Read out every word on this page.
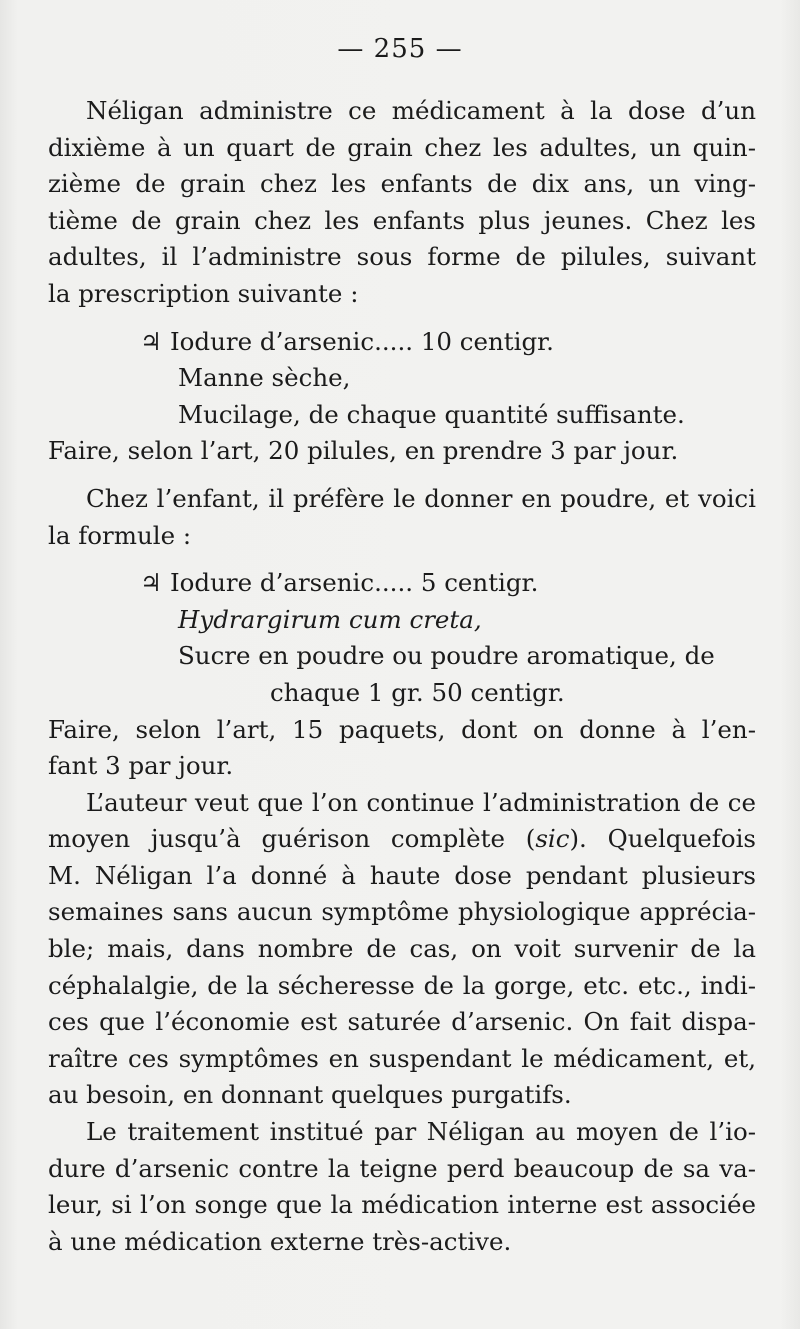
— 255 —
Néligan administre ce médicament à la dose d’un
dixième à un quart de grain chez les adultes, un quin-
zième de grain chez les enfants de dix ans, un ving-
tième de grain chez les enfants plus jeunes. Chez les
adultes, il l’administre sous forme de pilules, suivant
la prescription suivante :
♃ Iodure d’arsenic..... 10 centigr.
Manne sèche,
Mucilage, de chaque quantité suffisante.
Faire, selon l’art, 20 pilules, en prendre 3 par jour.
Chez l’enfant, il préfère le donner en poudre, et voici
la formule :
♃ Iodure d’arsenic..... 5 centigr.
Hydrargirum cum creta,
Sucre en poudre ou poudre aromatique, de
chaque 1 gr. 50 centigr.
Faire, selon l’art, 15 paquets, dont on donne à l’en-
fant 3 par jour.
L’auteur veut que l’on continue l’administration de ce
moyen jusqu’à guérison complète (sic). Quelquefois
M. Néligan l’a donné à haute dose pendant plusieurs
semaines sans aucun symptôme physiologique apprécia-
ble; mais, dans nombre de cas, on voit survenir de la
céphalalgie, de la sécheresse de la gorge, etc. etc., indi-
ces que l’économie est saturée d’arsenic. On fait dispa-
raître ces symptômes en suspendant le médicament, et,
au besoin, en donnant quelques purgatifs.
Le traitement institué par Néligan au moyen de l’io-
dure d’arsenic contre la teigne perd beaucoup de sa va-
leur, si l’on songe que la médication interne est associée
à une médication externe très-active.
